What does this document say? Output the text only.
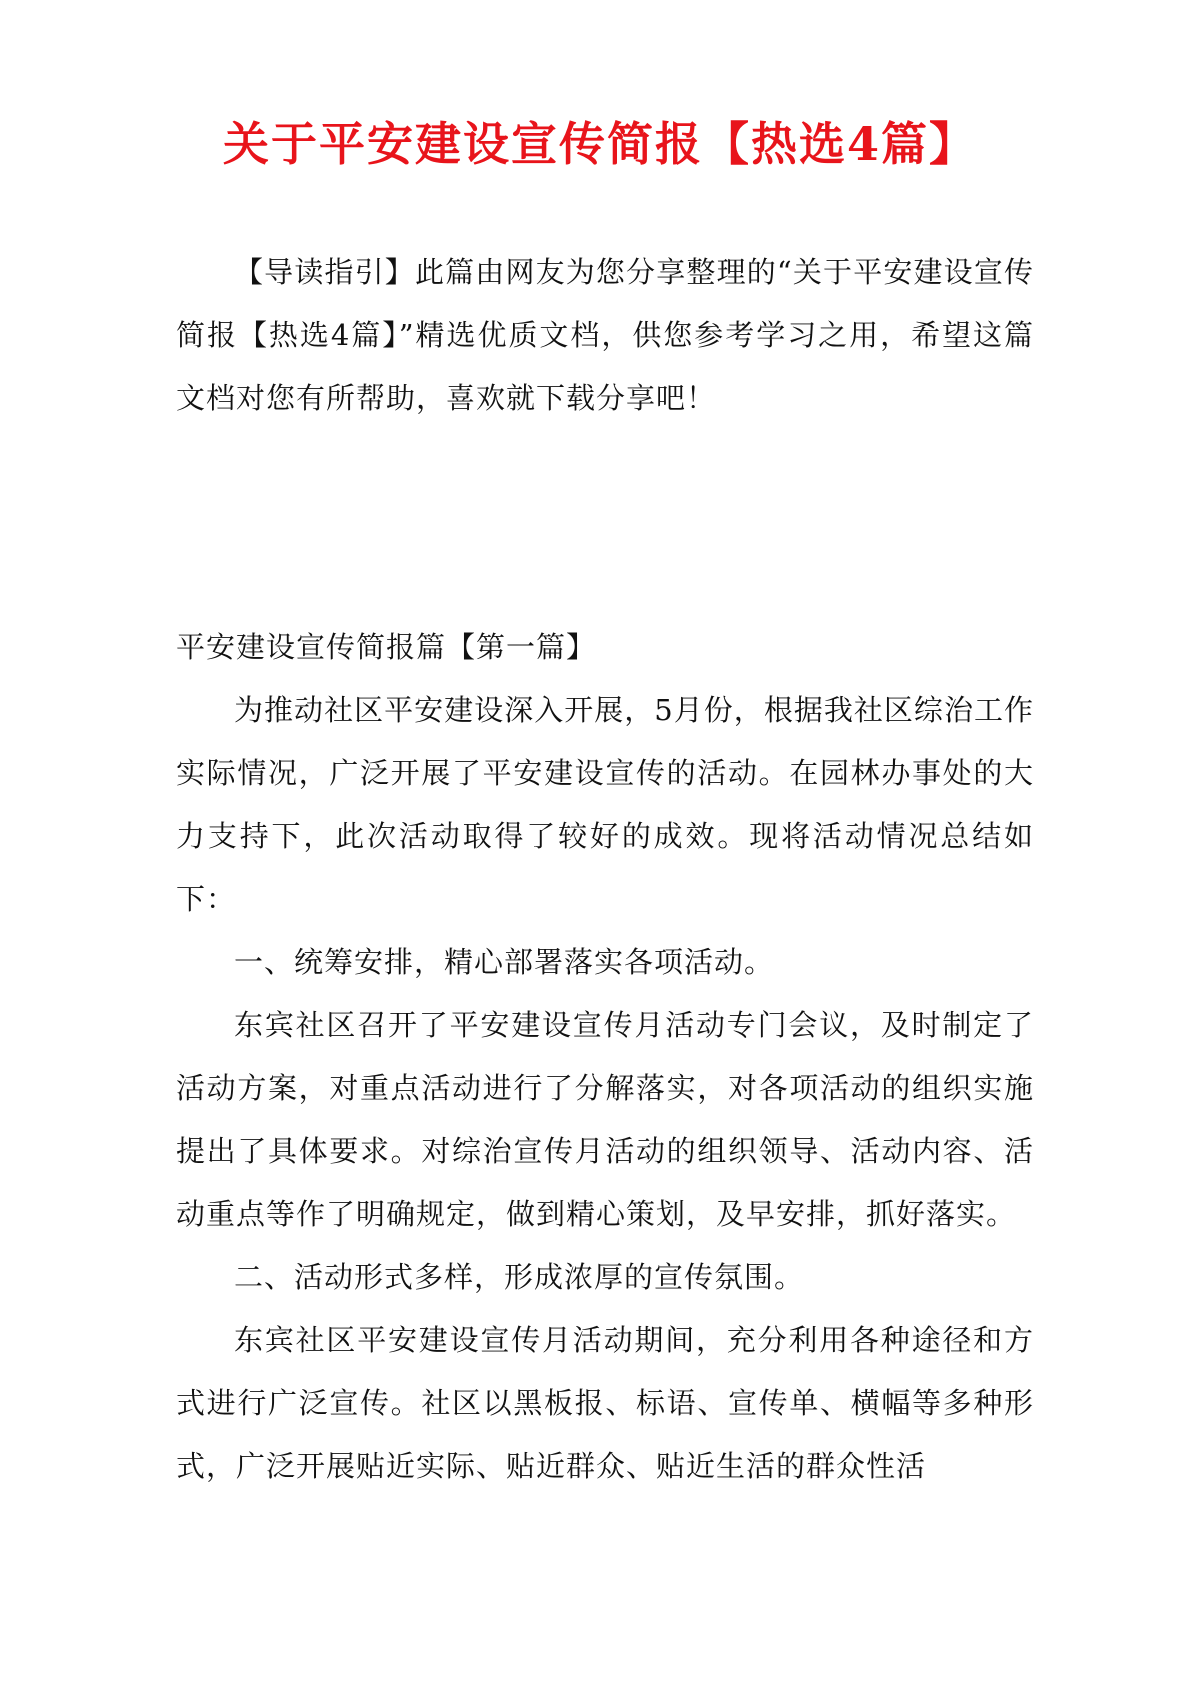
关于平安建设宣传简报【热选4篇】

【导读指引】此篇由网友为您分享整理的“关于平安建设宣传简报【热选4篇】”精选优质文档，供您参考学习之用，希望这篇文档对您有所帮助，喜欢就下载分享吧！

平安建设宣传简报篇【第一篇】

为推动社区平安建设深入开展，5月份，根据我社区综治工作实际情况，广泛开展了平安建设宣传的活动。在园林办事处的大力支持下，此次活动取得了较好的成效。现将活动情况总结如下：

一、统筹安排，精心部署落实各项活动。

东宾社区召开了平安建设宣传月活动专门会议，及时制定了活动方案，对重点活动进行了分解落实，对各项活动的组织实施提出了具体要求。对综治宣传月活动的组织领导、活动内容、活动重点等作了明确规定，做到精心策划，及早安排，抓好落实。

二、活动形式多样，形成浓厚的宣传氛围。

东宾社区平安建设宣传月活动期间，充分利用各种途径和方式进行广泛宣传。社区以黑板报、标语、宣传单、横幅等多种形式，广泛开展贴近实际、贴近群众、贴近生活的群众性活
